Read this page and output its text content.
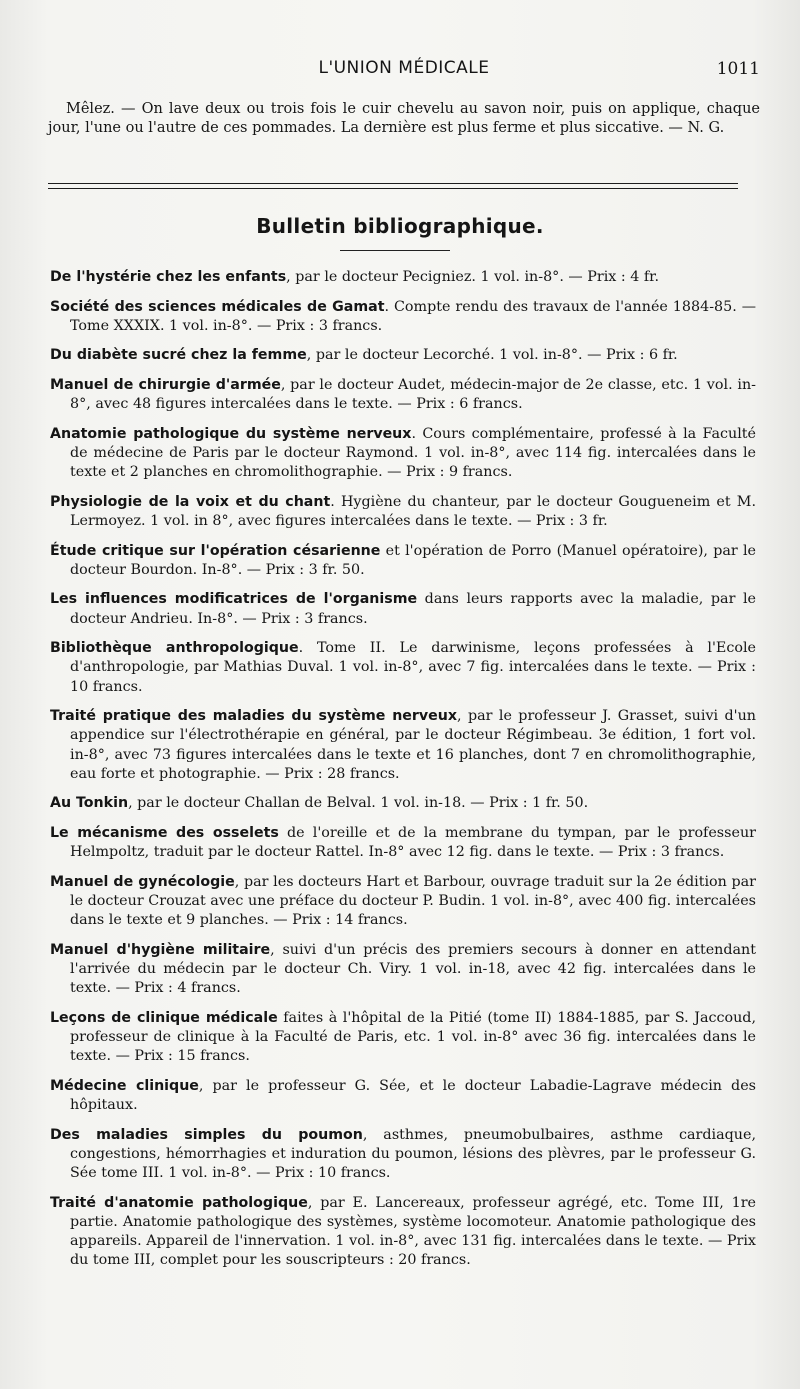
L'UNION MÉDICALE	1011

Mêlez. — On lave deux ou trois fois le cuir chevelu au savon noir, puis on applique, chaque jour, l'une ou l'autre de ces pommades. La dernière est plus ferme et plus siccative. — N. G.

Bulletin bibliographique.

De l'hystérie chez les enfants, par le docteur Pecigniez. 1 vol. in-8°. — Prix : 4 fr.

Société des sciences médicales de Gamat. Compte rendu des travaux de l'année 1884-85. — Tome XXXIX. 1 vol. in-8°. — Prix : 3 francs.

Du diabète sucré chez la femme, par le docteur Lecorché. 1 vol. in-8°. — Prix : 6 fr.

Manuel de chirurgie d'armée, par le docteur Audet, médecin-major de 2e classe, etc. 1 vol. in-8°, avec 48 figures intercalées dans le texte. — Prix : 6 francs.

Anatomie pathologique du système nerveux. Cours complémentaire, professé à la Faculté de médecine de Paris par le docteur Raymond. 1 vol. in-8°, avec 114 fig. intercalées dans le texte et 2 planches en chromolithographie. — Prix : 9 francs.

Physiologie de la voix et du chant. Hygiène du chanteur, par le docteur Gougueneim et M. Lermoyez. 1 vol. in 8°, avec figures intercalées dans le texte. — Prix : 3 fr.

Étude critique sur l'opération césarienne et l'opération de Porro (Manuel opératoire), par le docteur Bourdon. In-8°. — Prix : 3 fr. 50.

Les influences modificatrices de l'organisme dans leurs rapports avec la maladie, par le docteur Andrieu. In-8°. — Prix : 3 francs.

Bibliothèque anthropologique. Tome II. Le darwinisme, leçons professées à l'Ecole d'anthropologie, par Mathias Duval. 1 vol. in-8°, avec 7 fig. intercalées dans le texte. — Prix : 10 francs.

Traité pratique des maladies du système nerveux, par le professeur J. Grasset, suivi d'un appendice sur l'électrothérapie en général, par le docteur Régimbeau. 3e édition, 1 fort vol. in-8°, avec 73 figures intercalées dans le texte et 16 planches, dont 7 en chromolithographie, eau forte et photographie. — Prix : 28 francs.

Au Tonkin, par le docteur Challan de Belval. 1 vol. in-18. — Prix : 1 fr. 50.

Le mécanisme des osselets de l'oreille et de la membrane du tympan, par le professeur Helmpoltz, traduit par le docteur Rattel. In-8° avec 12 fig. dans le texte. — Prix : 3 francs.

Manuel de gynécologie, par les docteurs Hart et Barbour, ouvrage traduit sur la 2e édition par le docteur Crouzat avec une préface du docteur P. Budin. 1 vol. in-8°, avec 400 fig. intercalées dans le texte et 9 planches. — Prix : 14 francs.

Manuel d'hygiène militaire, suivi d'un précis des premiers secours à donner en attendant l'arrivée du médecin par le docteur Ch. Viry. 1 vol. in-18, avec 42 fig. intercalées dans le texte. — Prix : 4 francs.

Leçons de clinique médicale faites à l'hôpital de la Pitié (tome II) 1884-1885, par S. Jaccoud, professeur de clinique à la Faculté de Paris, etc. 1 vol. in-8° avec 36 fig. intercalées dans le texte. — Prix : 15 francs.

Médecine clinique, par le professeur G. Sée, et le docteur Labadie-Lagrave médecin des hôpitaux.

Des maladies simples du poumon, asthmes, pneumobulbaires, asthme cardiaque, congestions, hémorrhagies et induration du poumon, lésions des plèvres, par le professeur G. Sée tome III. 1 vol. in-8°. — Prix : 10 francs.

Traité d'anatomie pathologique, par E. Lancereaux, professeur agrégé, etc. Tome III, 1re partie. Anatomie pathologique des systèmes, système locomoteur. Anatomie pathologique des appareils. Appareil de l'innervation. 1 vol. in-8°, avec 131 fig. intercalées dans le texte. — Prix du tome III, complet pour les souscripteurs : 20 francs.
